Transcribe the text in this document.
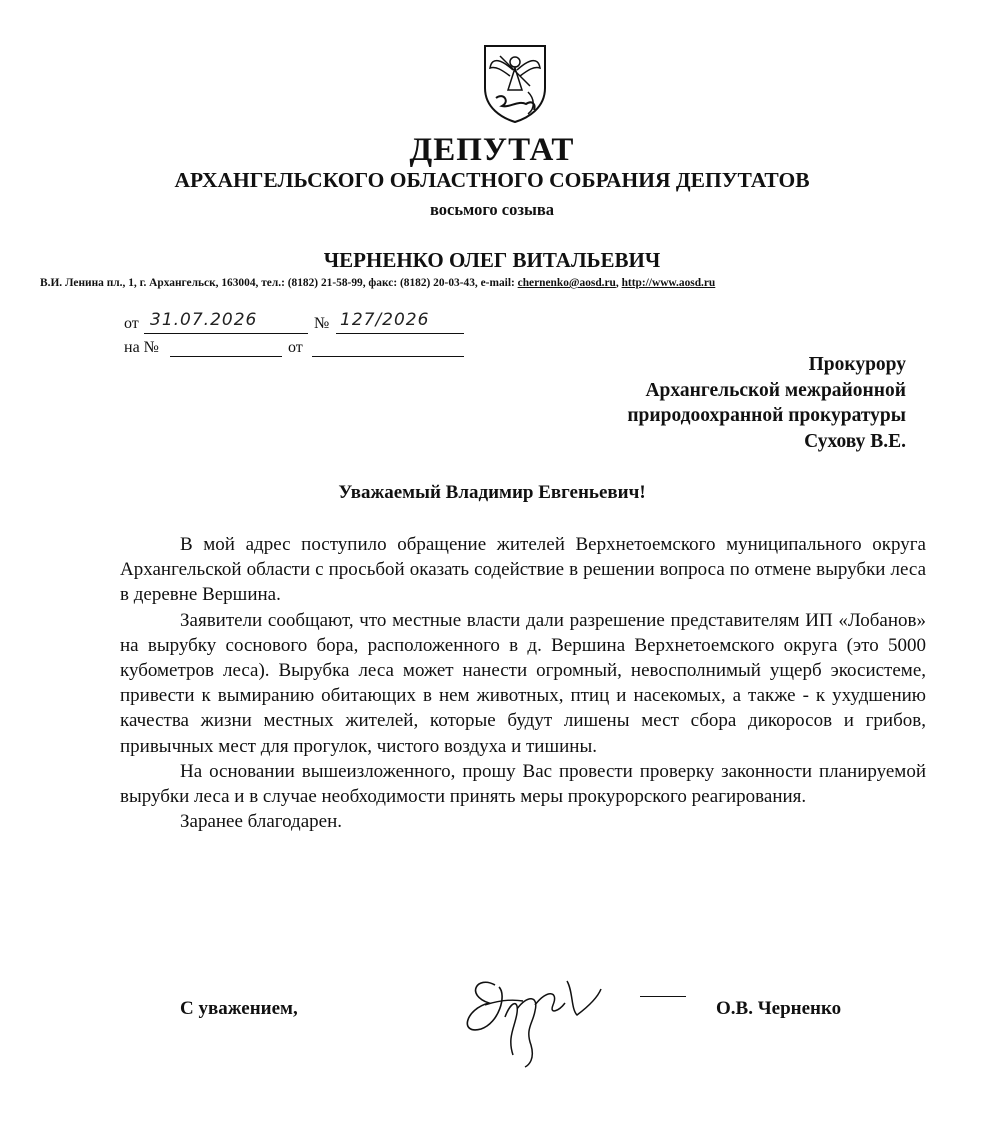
ДЕПУТАТ
АРХАНГЕЛЬСКОГО ОБЛАСТНОГО СОБРАНИЯ ДЕПУТАТОВ
восьмого созыва
ЧЕРНЕНКО ОЛЕГ ВИТАЛЬЕВИЧ
В.И. Ленина пл., 1, г. Архангельск, 163004, тел.: (8182) 21-58-99, факс: (8182) 20-03-43, e-mail: chernenko@aosd.ru, http://www.aosd.ru
от 31.07.2026	№ 127/2026
на №	от
Прокурору
Архангельской межрайонной
природоохранной прокуратуры
Сухову В.Е.
Уважаемый Владимир Евгеньевич!

В мой адрес поступило обращение жителей Верхнетоемского муниципального округа Архангельской области с просьбой оказать содействие в решении вопроса по отмене вырубки леса в деревне Вершина.

Заявители сообщают, что местные власти дали разрешение представителям ИП «Лобанов» на вырубку соснового бора, расположенного в д. Вершина Верхнетоемского округа (это 5000 кубометров леса). Вырубка леса может нанести огромный, невосполнимый ущерб экосистеме, привести к вымиранию обитающих в нем животных, птиц и насекомых, а также - к ухудшению качества жизни местных жителей, которые будут лишены мест сбора дикоросов и грибов, привычных мест для прогулок, чистого воздуха и тишины.

На основании вышеизложенного, прошу Вас провести проверку законности планируемой вырубки леса и в случае необходимости принять меры прокурорского реагирования.

Заранее благодарен.

С уважением,	О.В. Черненко
